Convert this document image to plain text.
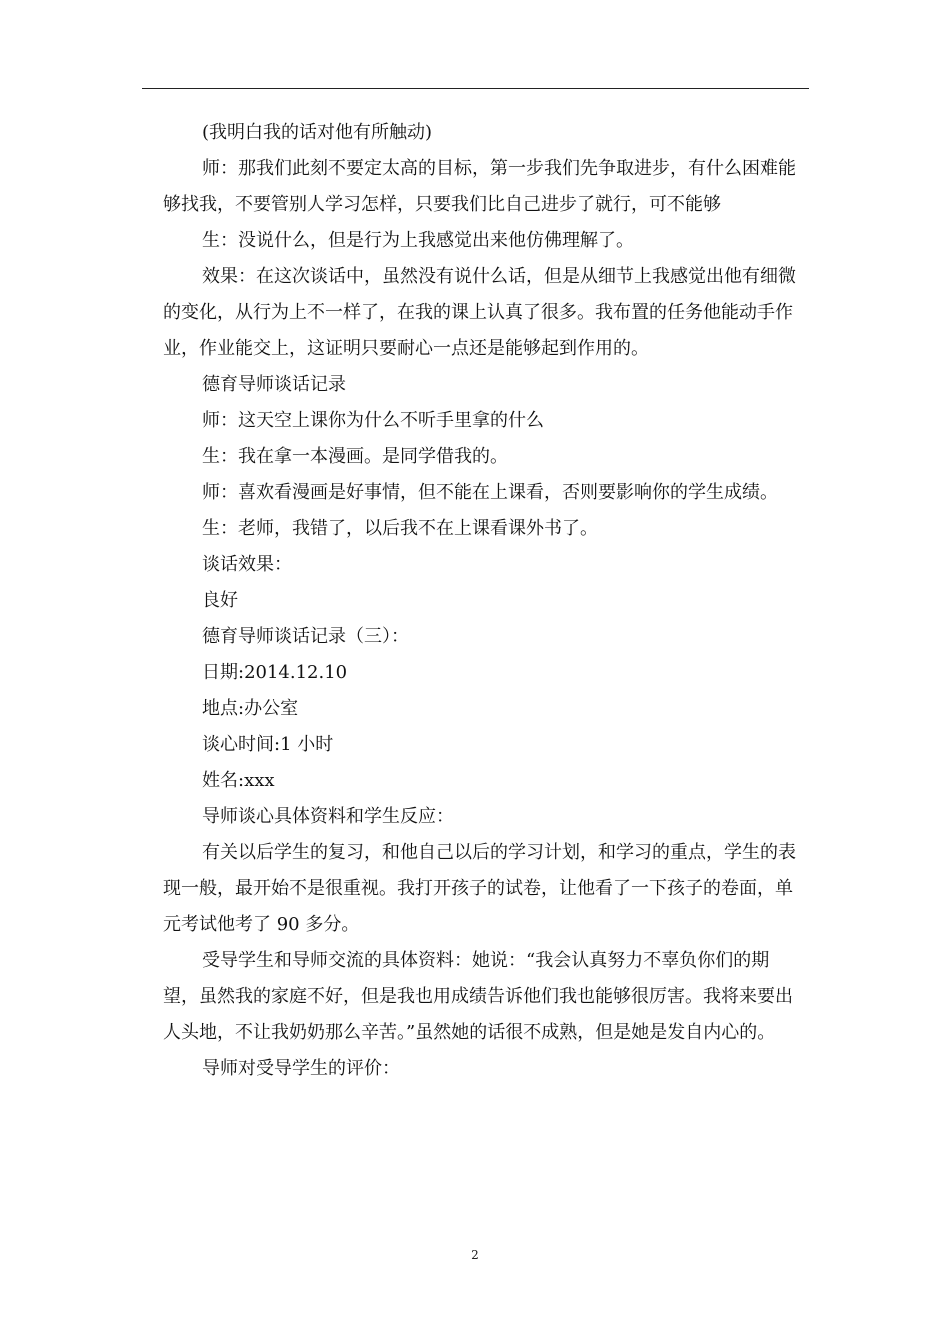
(我明白我的话对他有所触动)

师：那我们此刻不要定太高的目标，第一步我们先争取进步，有什么困难能够找我，不要管别人学习怎样，只要我们比自己进步了就行，可不能够

生：没说什么，但是行为上我感觉出来他仿佛理解了。

效果：在这次谈话中，虽然没有说什么话，但是从细节上我感觉出他有细微的变化，从行为上不一样了，在我的课上认真了很多。我布置的任务他能动手作业，作业能交上，这证明只要耐心一点还是能够起到作用的。

德育导师谈话记录

师：这天空上课你为什么不听手里拿的什么

生：我在拿一本漫画。是同学借我的。

师：喜欢看漫画是好事情，但不能在上课看，否则要影响你的学生成绩。

生：老师，我错了，以后我不在上课看课外书了。

谈话效果：

良好

德育导师谈话记录（三）：

日期:2014.12.10

地点:办公室

谈心时间:1 小时

姓名:xxx

导师谈心具体资料和学生反应：

有关以后学生的复习，和他自己以后的学习计划，和学习的重点，学生的表现一般，最开始不是很重视。我打开孩子的试卷，让他看了一下孩子的卷面，单元考试他考了 90 多分。

受导学生和导师交流的具体资料：她说：“我会认真努力不辜负你们的期望，虽然我的家庭不好，但是我也用成绩告诉他们我也能够很厉害。我将来要出人头地，不让我奶奶那么辛苦。”虽然她的话很不成熟，但是她是发自内心的。

导师对受导学生的评价：

2
